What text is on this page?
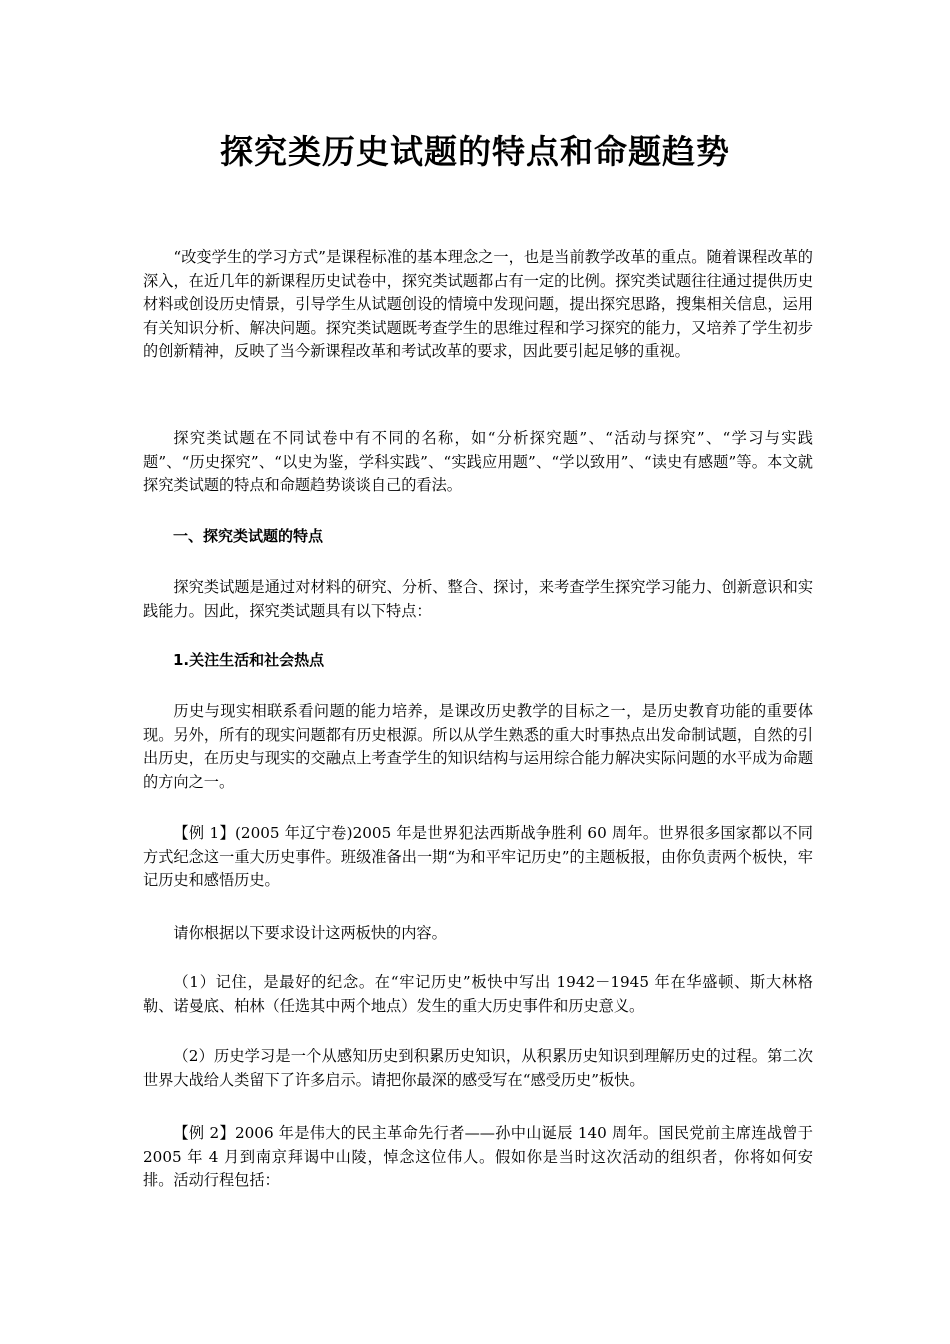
探究类历史试题的特点和命题趋势

“改变学生的学习方式”是课程标准的基本理念之一，也是当前教学改革的重点。随着课程改革的深入，在近几年的新课程历史试卷中，探究类试题都占有一定的比例。探究类试题往往通过提供历史材料或创设历史情景，引导学生从试题创设的情境中发现问题，提出探究思路，搜集相关信息，运用有关知识分析、解决问题。探究类试题既考查学生的思维过程和学习探究的能力，又培养了学生初步的创新精神，反映了当今新课程改革和考试改革的要求，因此要引起足够的重视。

探究类试题在不同试卷中有不同的名称，如“分析探究题”、“活动与探究”、“学习与实践题”、“历史探究”、“以史为鉴，学科实践”、“实践应用题”、“学以致用”、“读史有感题”等。本文就探究类试题的特点和命题趋势谈谈自己的看法。

一、探究类试题的特点

探究类试题是通过对材料的研究、分析、整合、探讨，来考查学生探究学习能力、创新意识和实践能力。因此，探究类试题具有以下特点：

1.关注生活和社会热点

历史与现实相联系看问题的能力培养，是课改历史教学的目标之一，是历史教育功能的重要体现。另外，所有的现实问题都有历史根源。所以从学生熟悉的重大时事热点出发命制试题，自然的引出历史，在历史与现实的交融点上考查学生的知识结构与运用综合能力解决实际问题的水平成为命题的方向之一。

【例 1】(2005 年辽宁卷)2005 年是世界犯法西斯战争胜利 60 周年。世界很多国家都以不同方式纪念这一重大历史事件。班级准备出一期“为和平牢记历史”的主题板报，由你负责两个板快，牢记历史和感悟历史。

请你根据以下要求设计这两板快的内容。

（1）记住，是最好的纪念。在“牢记历史”板快中写出 1942－1945 年在华盛顿、斯大林格勒、诺曼底、柏林（任选其中两个地点）发生的重大历史事件和历史意义。

（2）历史学习是一个从感知历史到积累历史知识，从积累历史知识到理解历史的过程。第二次世界大战给人类留下了许多启示。请把你最深的感受写在“感受历史”板快。

【例 2】2006 年是伟大的民主革命先行者——孙中山诞辰 140 周年。国民党前主席连战曾于 2005 年 4 月到南京拜谒中山陵，悼念这位伟人。假如你是当时这次活动的组织者，你将如何安排。活动行程包括：
